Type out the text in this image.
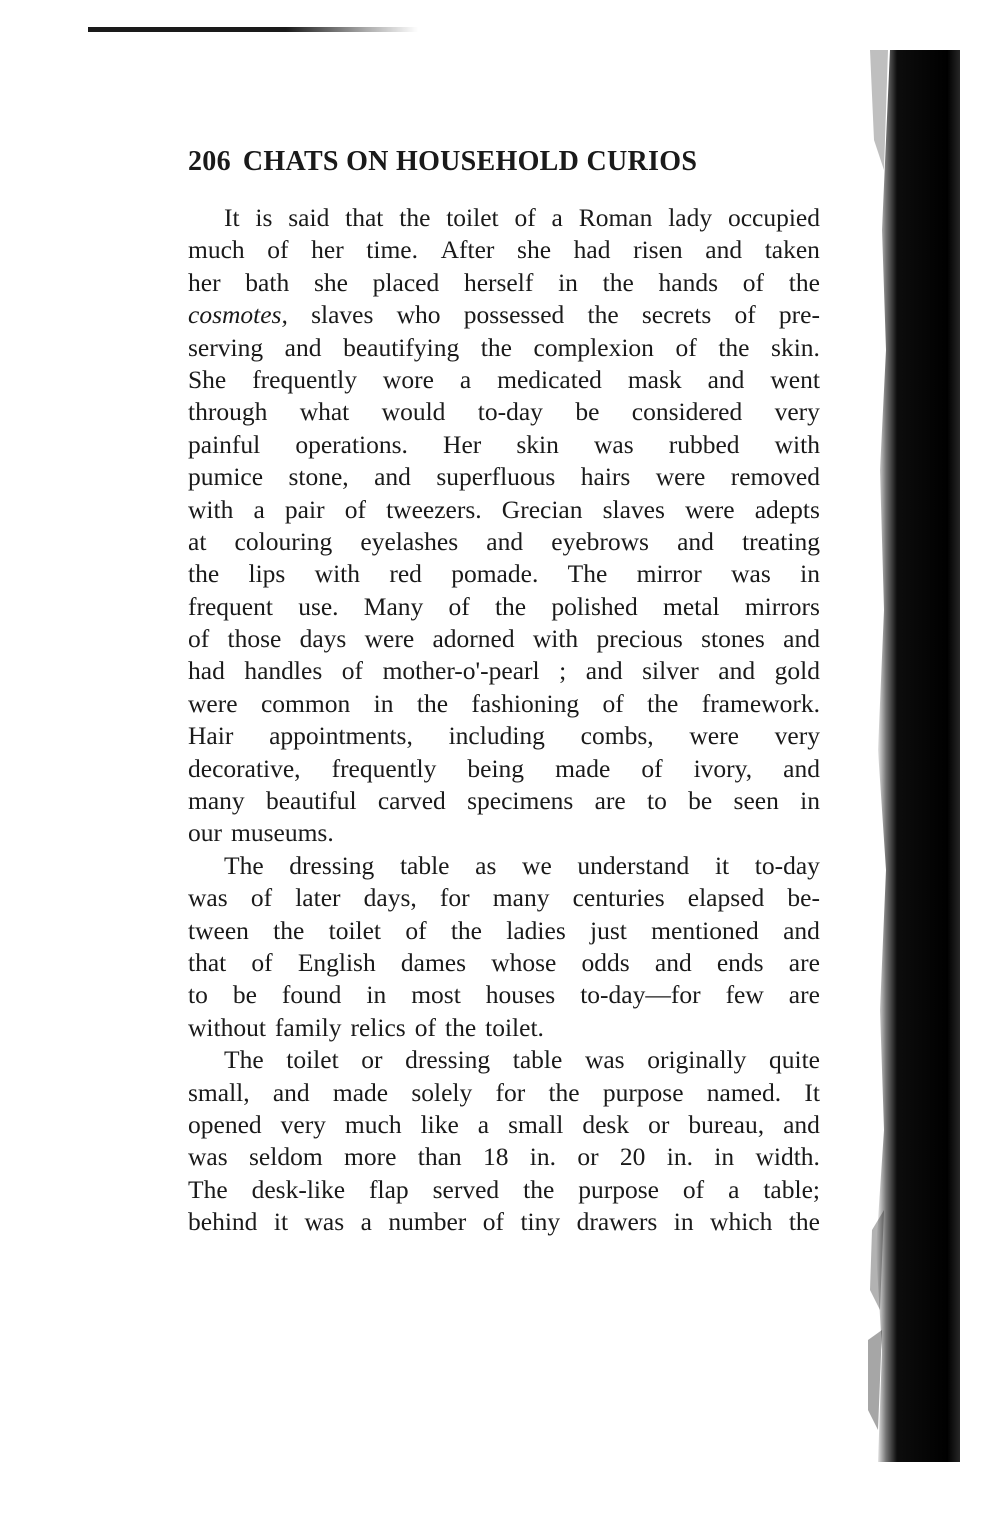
206 CHATS ON HOUSEHOLD CURIOS
It is said that the toilet of a Roman lady occupied
much of her time. After she had risen and taken
her bath she placed herself in the hands of the
cosmotes, slaves who possessed the secrets of pre-
serving and beautifying the complexion of the skin.
She frequently wore a medicated mask and went
through what would to-day be considered very
painful operations. Her skin was rubbed with
pumice stone, and superfluous hairs were removed
with a pair of tweezers. Grecian slaves were adepts
at colouring eyelashes and eyebrows and treating
the lips with red pomade. The mirror was in
frequent use. Many of the polished metal mirrors
of those days were adorned with precious stones and
had handles of mother-o'-pearl ; and silver and gold
were common in the fashioning of the framework.
Hair appointments, including combs, were very
decorative, frequently being made of ivory, and
many beautiful carved specimens are to be seen in
our museums.
The dressing table as we understand it to-day
was of later days, for many centuries elapsed be-
tween the toilet of the ladies just mentioned and
that of English dames whose odds and ends are
to be found in most houses to-day—for few are
without family relics of the toilet.
The toilet or dressing table was originally quite
small, and made solely for the purpose named. It
opened very much like a small desk or bureau, and
was seldom more than 18 in. or 20 in. in width.
The desk-like flap served the purpose of a table;
behind it was a number of tiny drawers in which the
